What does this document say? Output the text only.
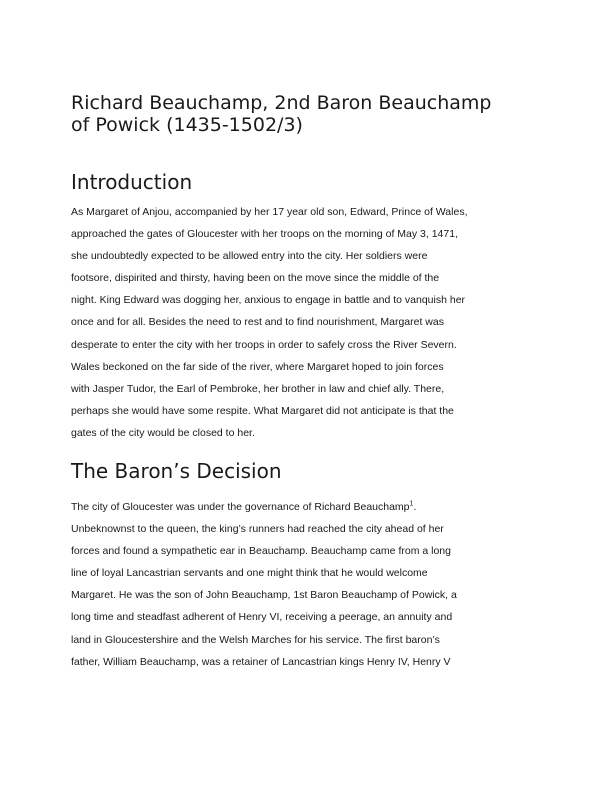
Richard Beauchamp, 2nd Baron Beauchamp
of Powick (1435-1502/3)
Introduction

As Margaret of Anjou, accompanied by her 17 year old son, Edward, Prince of Wales,
approached the gates of Gloucester with her troops on the morning of May 3, 1471,
she undoubtedly expected to be allowed entry into the city. Her soldiers were
footsore, dispirited and thirsty, having been on the move since the middle of the
night. King Edward was dogging her, anxious to engage in battle and to vanquish her
once and for all. Besides the need to rest and to find nourishment, Margaret was
desperate to enter the city with her troops in order to safely cross the River Severn.
Wales beckoned on the far side of the river, where Margaret hoped to join forces
with Jasper Tudor, the Earl of Pembroke, her brother in law and chief ally. There,
perhaps she would have some respite. What Margaret did not anticipate is that the
gates of the city would be closed to her.

The Baron’s Decision

The city of Gloucester was under the governance of Richard Beauchamp$^1$.
Unbeknownst to the queen, the king’s runners had reached the city ahead of her
forces and found a sympathetic ear in Beauchamp. Beauchamp came from a long
line of loyal Lancastrian servants and one might think that he would welcome
Margaret. He was the son of John Beauchamp, 1st Baron Beauchamp of Powick, a
long time and steadfast adherent of Henry VI, receiving a peerage, an annuity and
land in Gloucestershire and the Welsh Marches for his service. The first baron’s
father, William Beauchamp, was a retainer of Lancastrian kings Henry IV, Henry V
